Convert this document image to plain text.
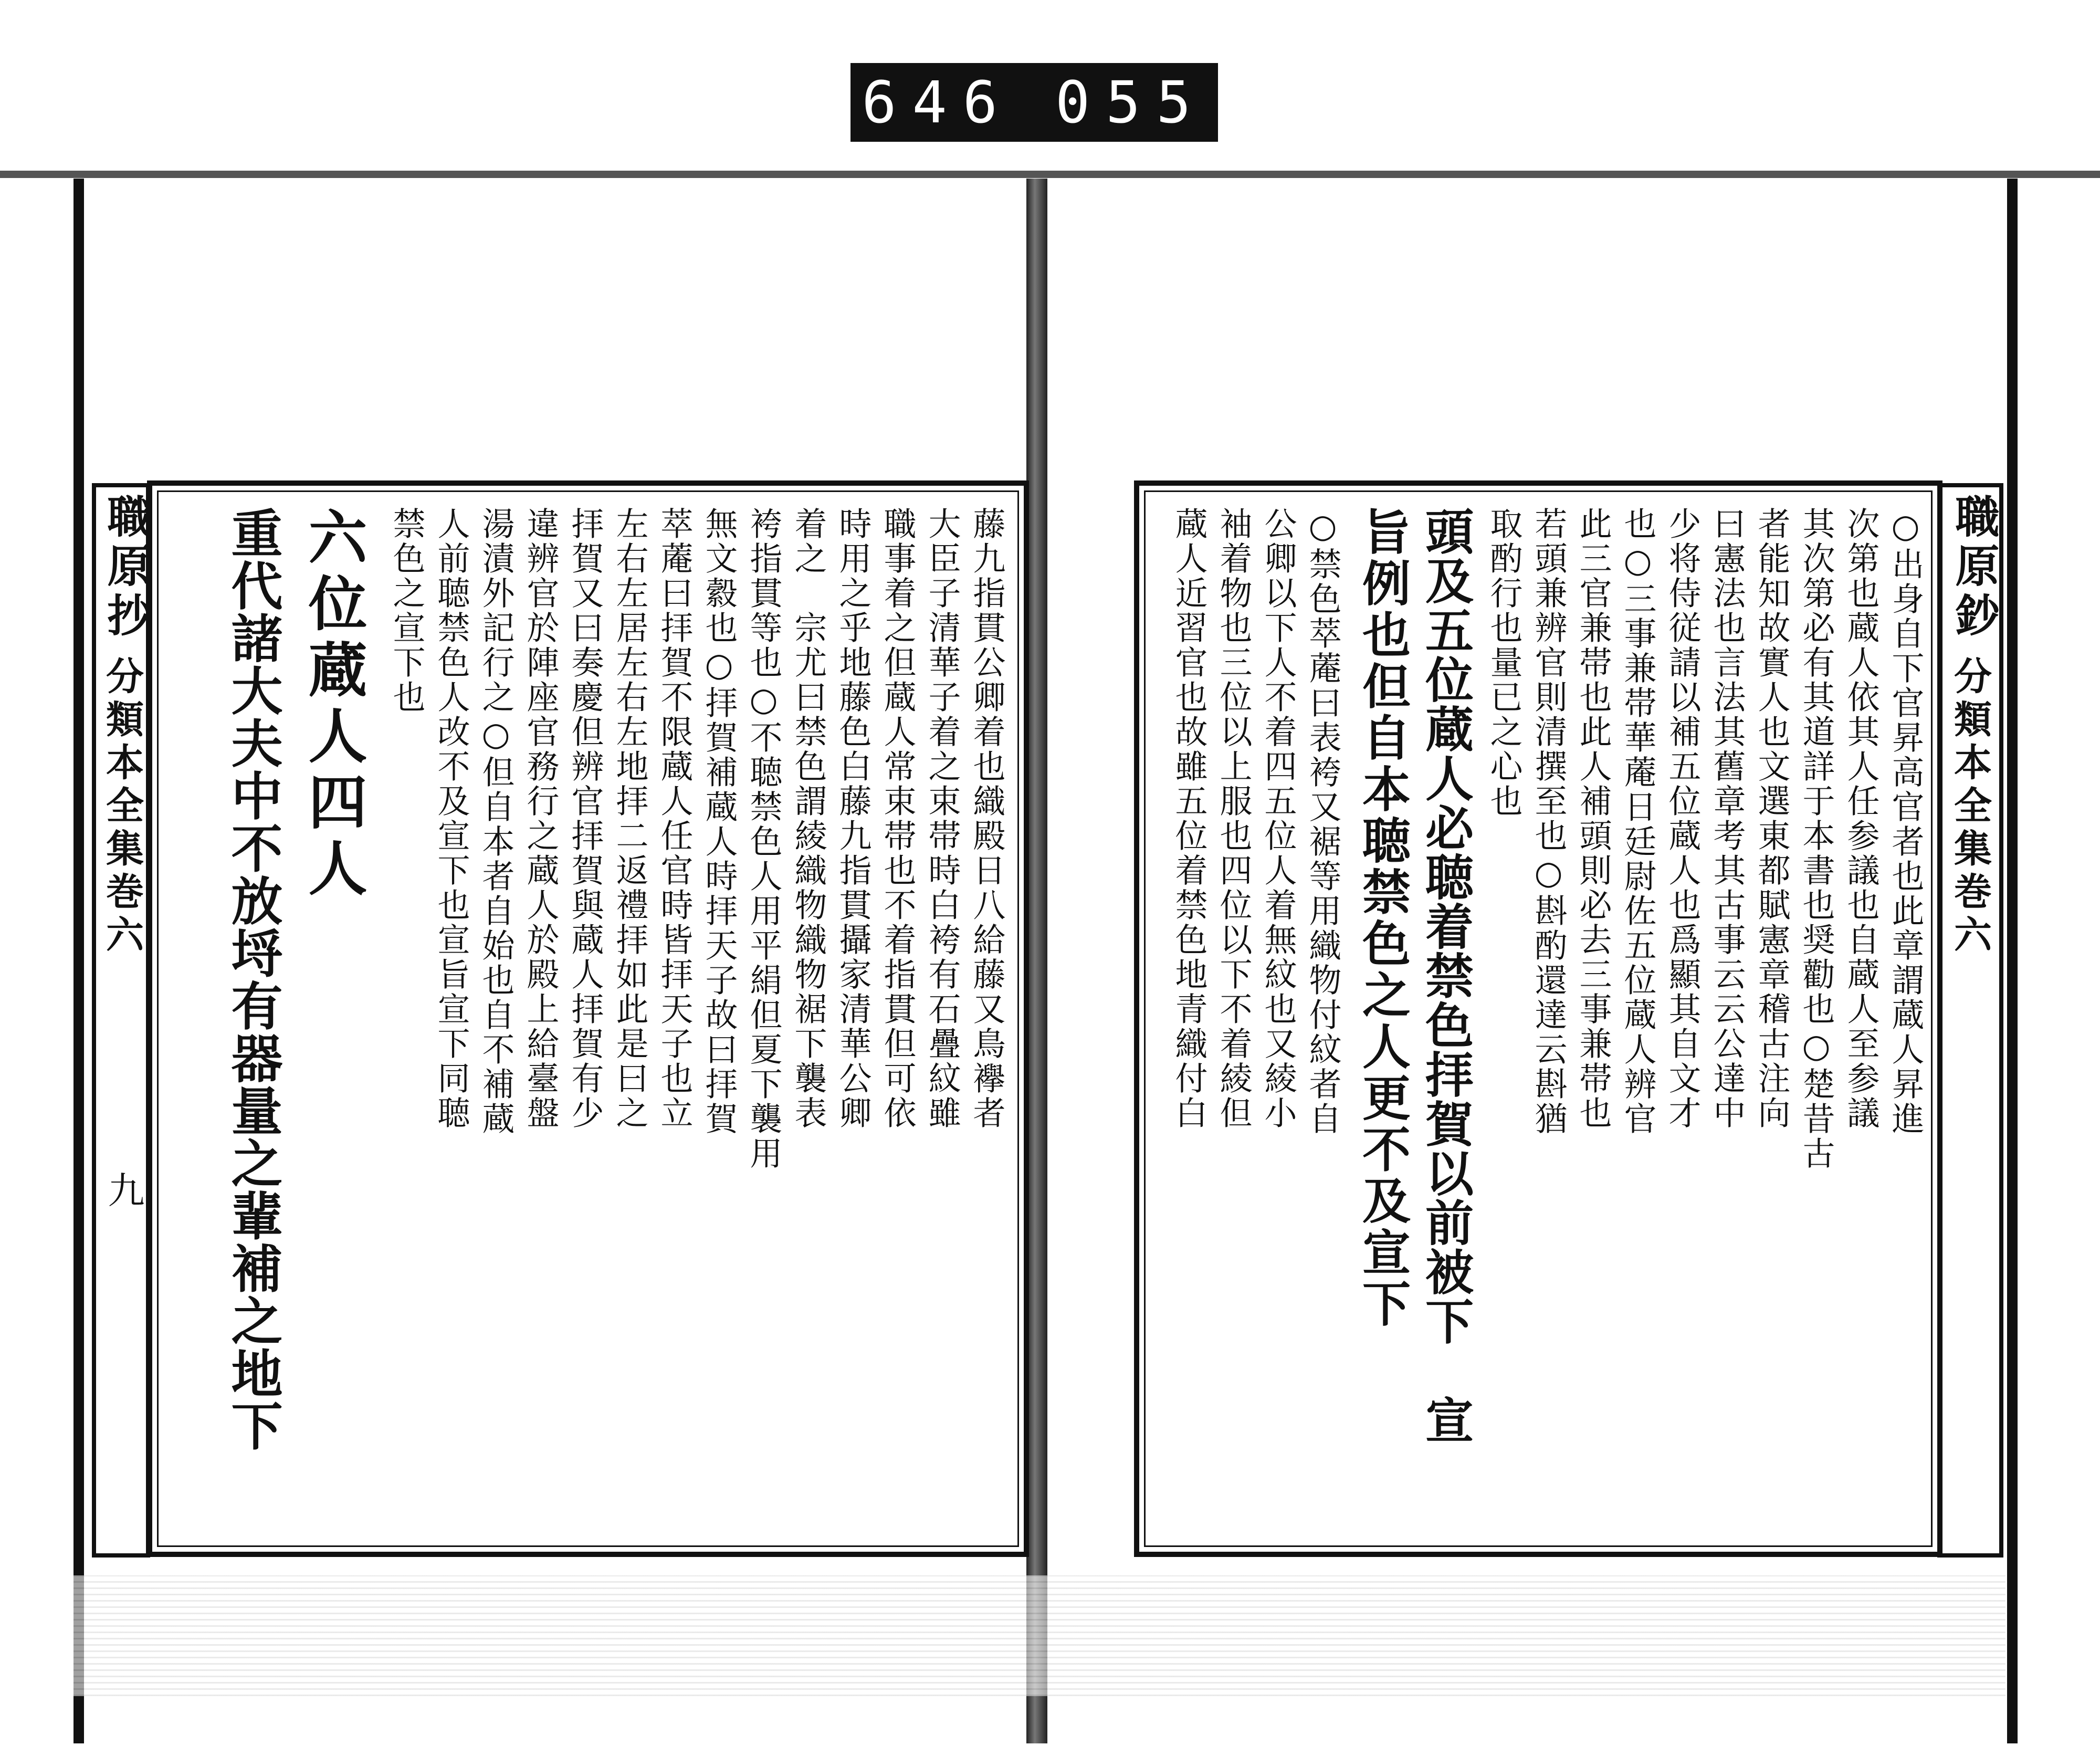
646 055
職原抄
分類本全集巻六
九
藤九指貫公卿着也織殿日八給藤又鳥襷者
大臣子清華子着之束帯時白袴有石疊紋雖
職事着之但蔵人常束帯也不着指貫但可依
時用之乎地藤色白藤九指貫攝家清華公卿
着之　宗尤曰禁色謂綾織物織物裾下襲表
袴指貫等也○不聴禁色人用平絹但夏下襲用
無文縠也○拝賀補蔵人時拝天子故曰拝賀
萃蓭曰拝賀不限蔵人任官時皆拝天子也立
左右左居左右左地拝二返禮拝如此是曰之
拝賀又曰奏慶但辨官拝賀與蔵人拝賀有少
違辨官於陣座官務行之蔵人於殿上給臺盤
湯漬外記行之○但自本者自始也自不補蔵
人前聴禁色人改不及宣下也宣旨宣下同聴
禁色之宣下也
六位蔵人四人
重代諸大夫中不放埒有器量之輩補之地下	職原鈔
分類本全集巻六
○出身自下官昇高官者也此章謂蔵人昇進
次第也蔵人依其人任参議也自蔵人至参議
其次第必有其道詳于本書也奨勸也○楚昔古
者能知故實人也文選東都賦憲章稽古注向
曰憲法也言法其舊章考其古事云云公達中
少将侍従請以補五位蔵人也爲顯其自文才
也○三事兼帯華蓭日廷尉佐五位蔵人辨官
此三官兼帯也此人補頭則必去三事兼帯也
若頭兼辨官則清撰至也○斟酌還達云斟猶
取酌行也量已之心也
頭及五位蔵人必聴着禁色拝賀以前被下　宣
旨例也但自本聴禁色之人更不及宣下
○禁色萃蓭曰表袴又裾等用織物付紋者自
公卿以下人不着四五位人着無紋也又綾小
袖着物也三位以上服也四位以下不着綾但
蔵人近習官也故雖五位着禁色地青織付白
